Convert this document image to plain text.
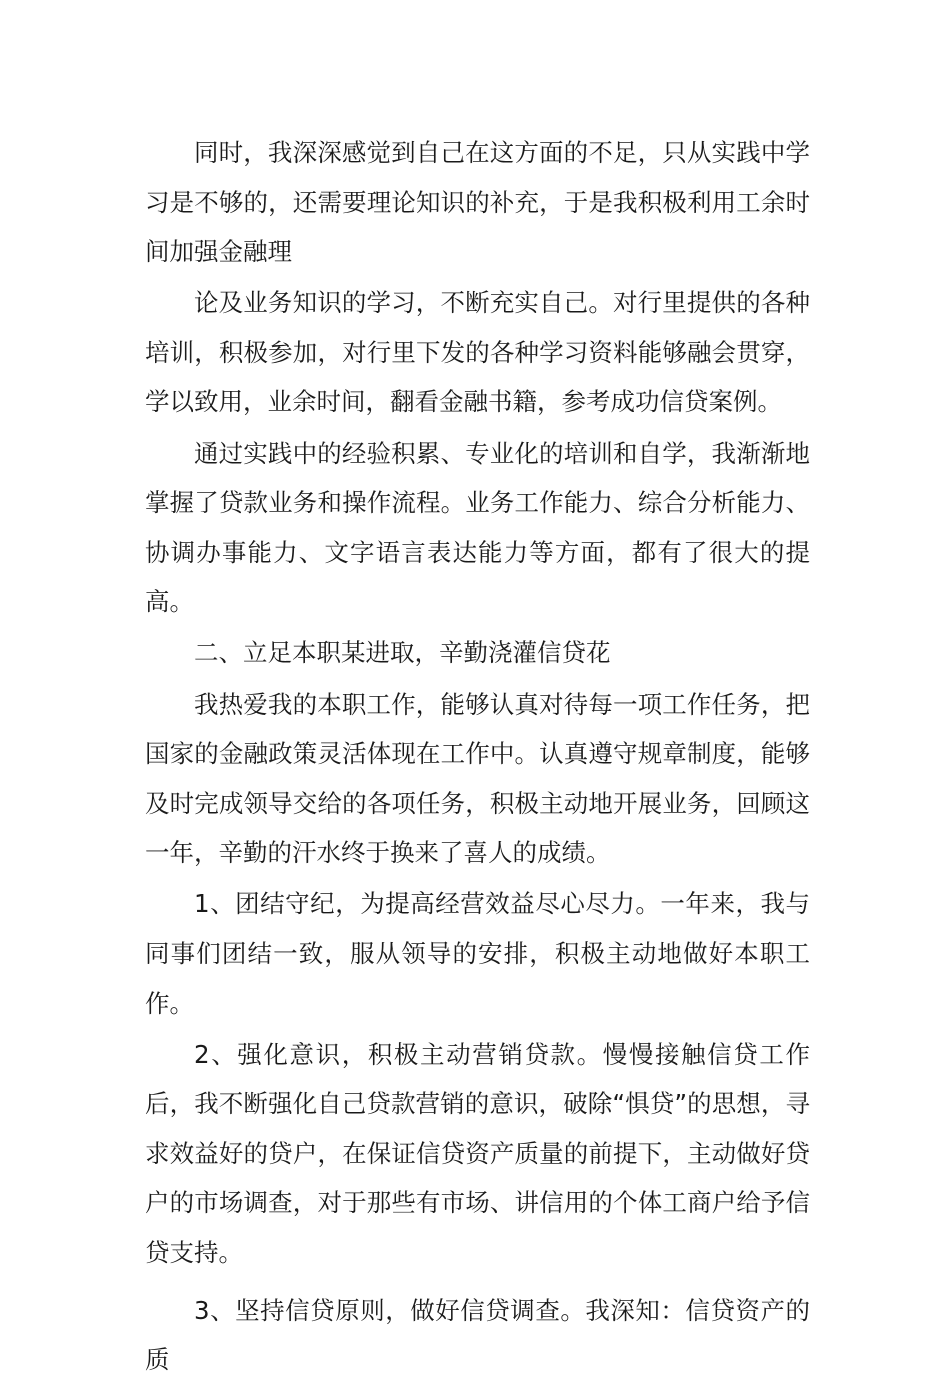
同时，我深深感觉到自己在这方面的不足，只从实践中学习是不够的，还需要理论知识的补充，于是我积极利用工余时间加强金融理

论及业务知识的学习，不断充实自己。对行里提供的各种培训，积极参加，对行里下发的各种学习资料能够融会贯穿，学以致用，业余时间，翻看金融书籍，参考成功信贷案例。

通过实践中的经验积累、专业化的培训和自学，我渐渐地掌握了贷款业务和操作流程。业务工作能力、综合分析能力、协调办事能力、文字语言表达能力等方面，都有了很大的提高。

二、立足本职某进取，辛勤浇灌信贷花

我热爱我的本职工作，能够认真对待每一项工作任务，把国家的金融政策灵活体现在工作中。认真遵守规章制度，能够及时完成领导交给的各项任务，积极主动地开展业务，回顾这一年，辛勤的汗水终于换来了喜人的成绩。

1、团结守纪，为提高经营效益尽心尽力。一年来，我与同事们团结一致，服从领导的安排，积极主动地做好本职工作。

2、强化意识，积极主动营销贷款。慢慢接触信贷工作后，我不断强化自己贷款营销的意识，破除“惧贷”的思想，寻求效益好的贷户，在保证信贷资产质量的前提下，主动做好贷户的市场调查，对于那些有市场、讲信用的个体工商户给予信贷支持。

3、坚持信贷原则，做好信贷调查。我深知：信贷资产的质
